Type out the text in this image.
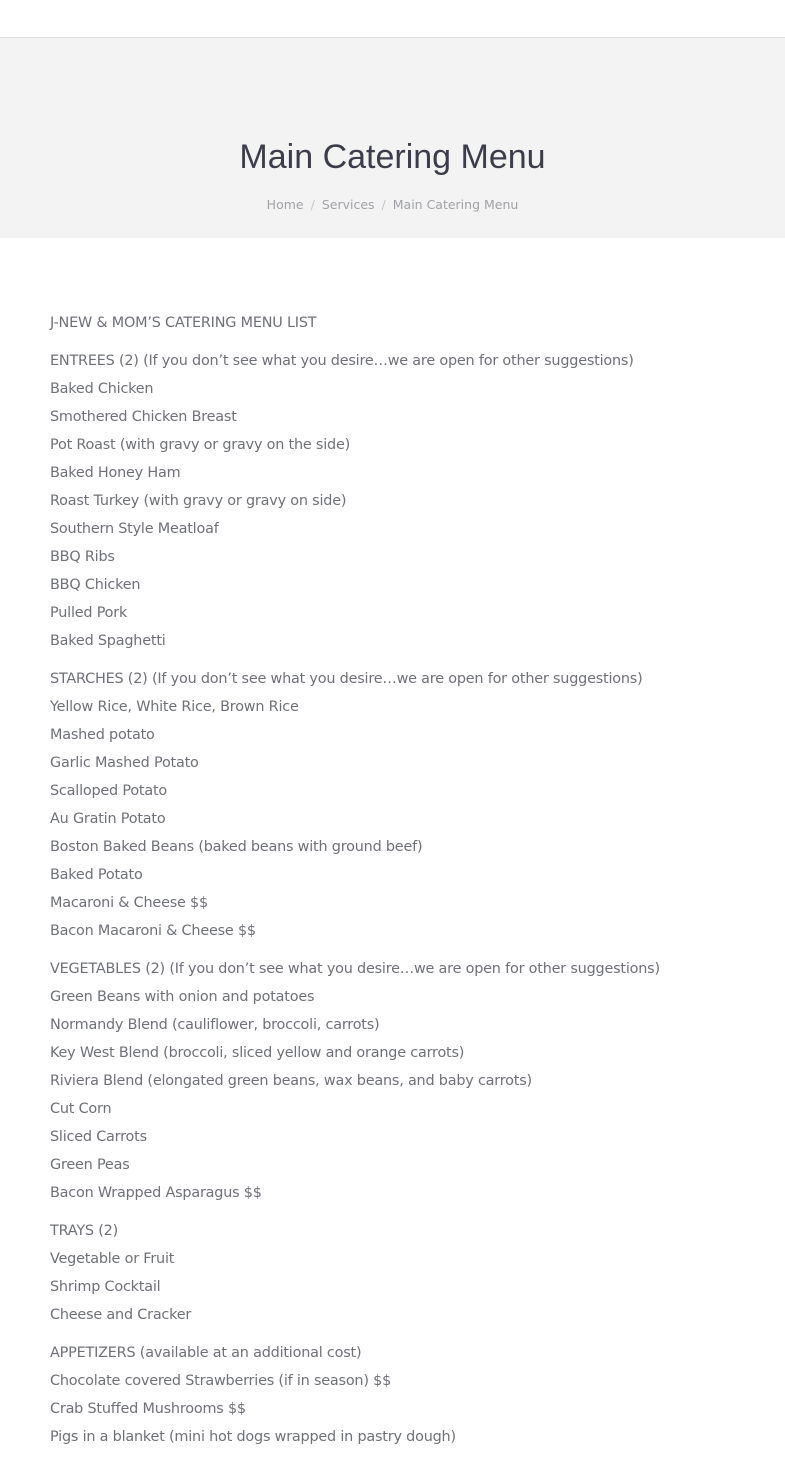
Main Catering Menu
Home / Services / Main Catering Menu

J-NEW & MOM’S CATERING MENU LIST

ENTREES (2) (If you don’t see what you desire…we are open for other suggestions)
Baked Chicken
Smothered Chicken Breast
Pot Roast (with gravy or gravy on the side)
Baked Honey Ham
Roast Turkey (with gravy or gravy on side)
Southern Style Meatloaf
BBQ Ribs
BBQ Chicken
Pulled Pork
Baked Spaghetti

STARCHES (2) (If you don’t see what you desire…we are open for other suggestions)
Yellow Rice, White Rice, Brown Rice
Mashed potato
Garlic Mashed Potato
Scalloped Potato
Au Gratin Potato
Boston Baked Beans (baked beans with ground beef)
Baked Potato
Macaroni & Cheese $$
Bacon Macaroni & Cheese $$

VEGETABLES (2) (If you don’t see what you desire…we are open for other suggestions)
Green Beans with onion and potatoes
Normandy Blend (cauliflower, broccoli, carrots)
Key West Blend (broccoli, sliced yellow and orange carrots)
Riviera Blend (elongated green beans, wax beans, and baby carrots)
Cut Corn
Sliced Carrots
Green Peas
Bacon Wrapped Asparagus $$

TRAYS (2)
Vegetable or Fruit
Shrimp Cocktail
Cheese and Cracker

APPETIZERS (available at an additional cost)
Chocolate covered Strawberries (if in season) $$
Crab Stuffed Mushrooms $$
Pigs in a blanket (mini hot dogs wrapped in pastry dough)
